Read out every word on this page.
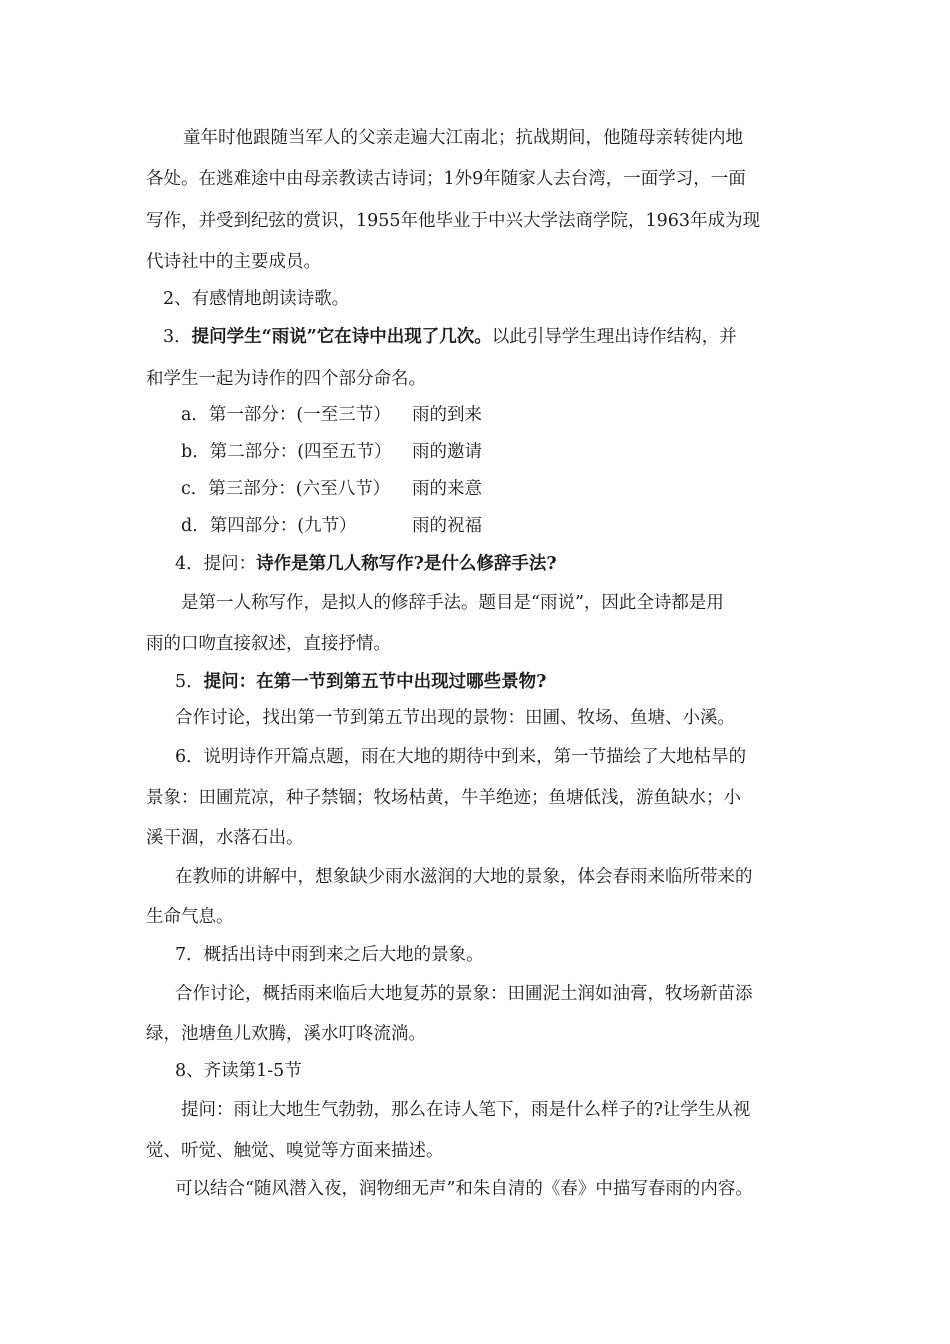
童年时他跟随当军人的父亲走遍大江南北；抗战期间，他随母亲转徙内地
各处。在逃难途中由母亲教读古诗词；1外9年随家人去台湾，一面学习，一面
写作，并受到纪弦的赏识，1955年他毕业于中兴大学法商学院，1963年成为现
代诗社中的主要成员。
2、有感情地朗读诗歌。
3．提问学生“雨说”它在诗中出现了几次。以此引导学生理出诗作结构，并
和学生一起为诗作的四个部分命名。
a．第一部分：(一至三节） 雨的到来
b．第二部分：(四至五节） 雨的邀请
c．第三部分：(六至八节） 雨的来意
d．第四部分：(九节）	雨的祝福
4．提问：诗作是第几人称写作?是什么修辞手法?
是第一人称写作，是拟人的修辞手法。题目是“雨说”，因此全诗都是用
雨的口吻直接叙述，直接抒情。
5．提问：在第一节到第五节中出现过哪些景物?
合作讨论，找出第一节到第五节出现的景物：田圃、牧场、鱼塘、小溪。
6．说明诗作开篇点题，雨在大地的期待中到来，第一节描绘了大地枯旱的
景象：田圃荒凉，种子禁锢；牧场枯黄，牛羊绝迹；鱼塘低浅，游鱼缺水；小
溪干涸，水落石出。
在教师的讲解中，想象缺少雨水滋润的大地的景象，体会春雨来临所带来的
生命气息。
7．概括出诗中雨到来之后大地的景象。
合作讨论，概括雨来临后大地复苏的景象：田圃泥土润如油膏，牧场新苗添
绿，池塘鱼儿欢腾，溪水叮咚流淌。
8、齐读第1-5节
提问：雨让大地生气勃勃，那么在诗人笔下，雨是什么样子的?让学生从视
觉、听觉、触觉、嗅觉等方面来描述。
可以结合“随风潜入夜，润物细无声”和朱自清的《春》中描写春雨的内容。
